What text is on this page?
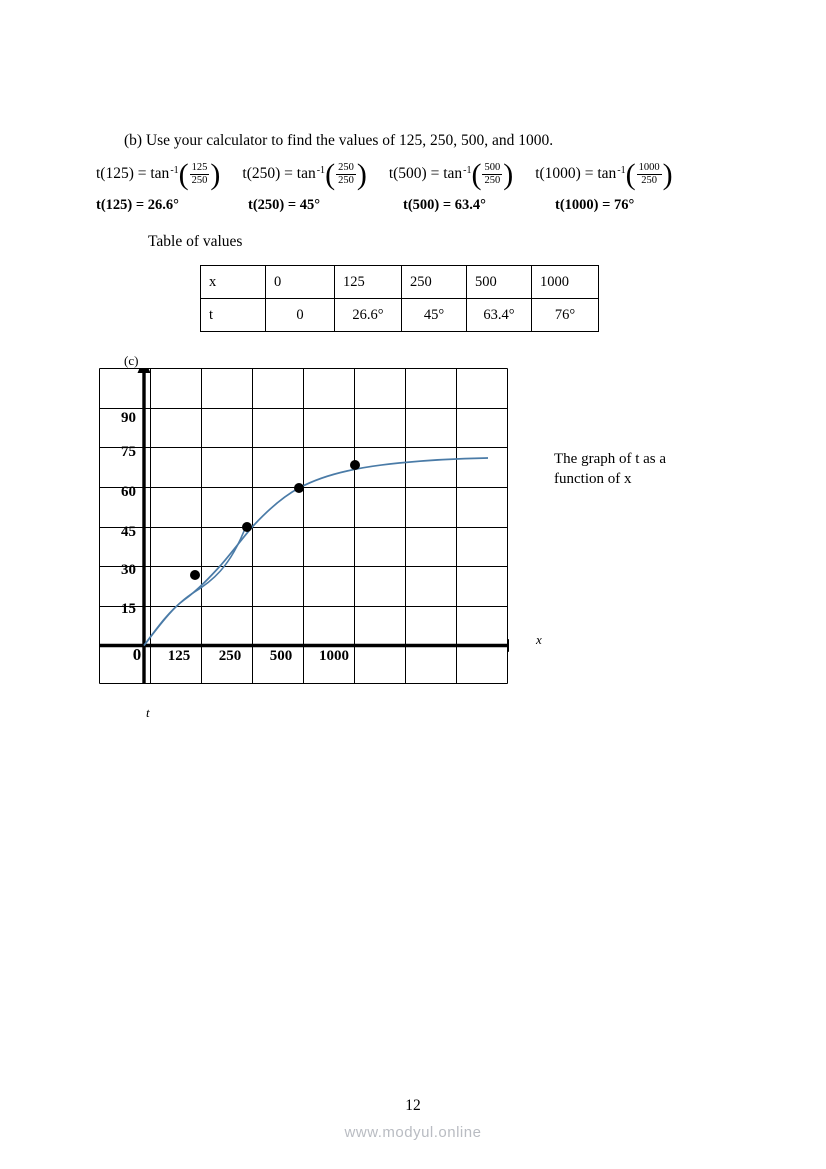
(b) Use your calculator to find the values of 125, 250, 500, and 1000.
t(125) =
tan -1 ( $\frac{125}{250}$ ) t(250) =
tan -1 ( $\frac{250}{250}$ ) t(500) =
tan -1 ( $\frac{500}{250}$ ) t(1000) =
tan -1 ( $\frac{1000}{250}$ )
t(125) = 26.6°	t(250) = 45°	t(500) = 63.4°	t(1000) = 76°
Table of values
x	0	125	250	500	1000
t	0	26.6°	45°	63.4°	76°
(c)
90
75
60
45
30
15
0	125	250	500	1000
x
t
The graph of t as a
function of x
12
www.modyul.online
